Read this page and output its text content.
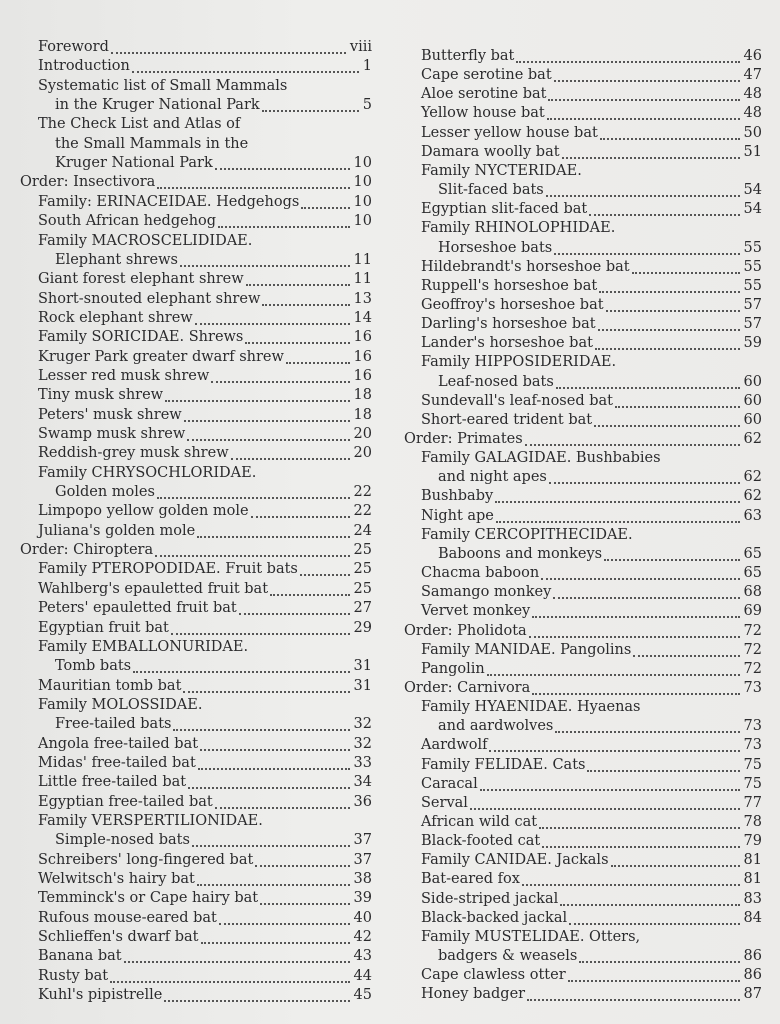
Foreword	viii
Introduction	1
Systematic list of Small Mammals
in the Kruger National Park	5
The Check List and Atlas of
the Small Mammals in the
Kruger National Park	10
Order: Insectivora	10
Family: ERINACEIDAE. Hedgehogs	10
South African hedgehog	10
Family MACROSCELIDIDAE.
Elephant shrews	11
Giant forest elephant shrew	11
Short-snouted elephant shrew	13
Rock elephant shrew	14
Family SORICIDAE. Shrews	16
Kruger Park greater dwarf shrew	16
Lesser red musk shrew	16
Tiny musk shrew	18
Peters' musk shrew	18
Swamp musk shrew	20
Reddish-grey musk shrew	20
Family CHRYSOCHLORIDAE.
Golden moles	22
Limpopo yellow golden mole	22
Juliana's golden mole	24
Order: Chiroptera	25
Family PTEROPODIDAE. Fruit bats	25
Wahlberg's epauletted fruit bat	25
Peters' epauletted fruit bat	27
Egyptian fruit bat	29
Family EMBALLONURIDAE.
Tomb bats	31
Mauritian tomb bat	31
Family MOLOSSIDAE.
Free-tailed bats	32
Angola free-tailed bat	32
Midas' free-tailed bat	33
Little free-tailed bat	34
Egyptian free-tailed bat	36
Family VERSPERTILIONIDAE.
Simple-nosed bats	37
Schreibers' long-fingered bat	37
Welwitsch's hairy bat	38
Temminck's or Cape hairy bat	39
Rufous mouse-eared bat	40
Schlieffen's dwarf bat	42
Banana bat	43
Rusty bat	44
Kuhl's pipistrelle	45
Butterfly bat	46
Cape serotine bat	47
Aloe serotine bat	48
Yellow house bat	48
Lesser yellow house bat	50
Damara woolly bat	51
Family NYCTERIDAE.
Slit-faced bats	54
Egyptian slit-faced bat	54
Family RHINOLOPHIDAE.
Horseshoe bats	55
Hildebrandt's horseshoe bat	55
Ruppell's horseshoe bat	55
Geoffroy's horseshoe bat	57
Darling's horseshoe bat	57
Lander's horseshoe bat	59
Family HIPPOSIDERIDAE.
Leaf-nosed bats	60
Sundevall's leaf-nosed bat	60
Short-eared trident bat	60
Order: Primates	62
Family GALAGIDAE. Bushbabies
and night apes	62
Bushbaby	62
Night ape	63
Family CERCOPITHECIDAE.
Baboons and monkeys	65
Chacma baboon	65
Samango monkey	68
Vervet monkey	69
Order: Pholidota	72
Family MANIDAE. Pangolins	72
Pangolin	72
Order: Carnivora	73
Family HYAENIDAE. Hyaenas
and aardwolves	73
Aardwolf	73
Family FELIDAE. Cats	75
Caracal	75
Serval	77
African wild cat	78
Black-footed cat	79
Family CANIDAE. Jackals	81
Bat-eared fox	81
Side-striped jackal	83
Black-backed jackal	84
Family MUSTELIDAE. Otters,
badgers & weasels	86
Cape clawless otter	86
Honey badger	87
